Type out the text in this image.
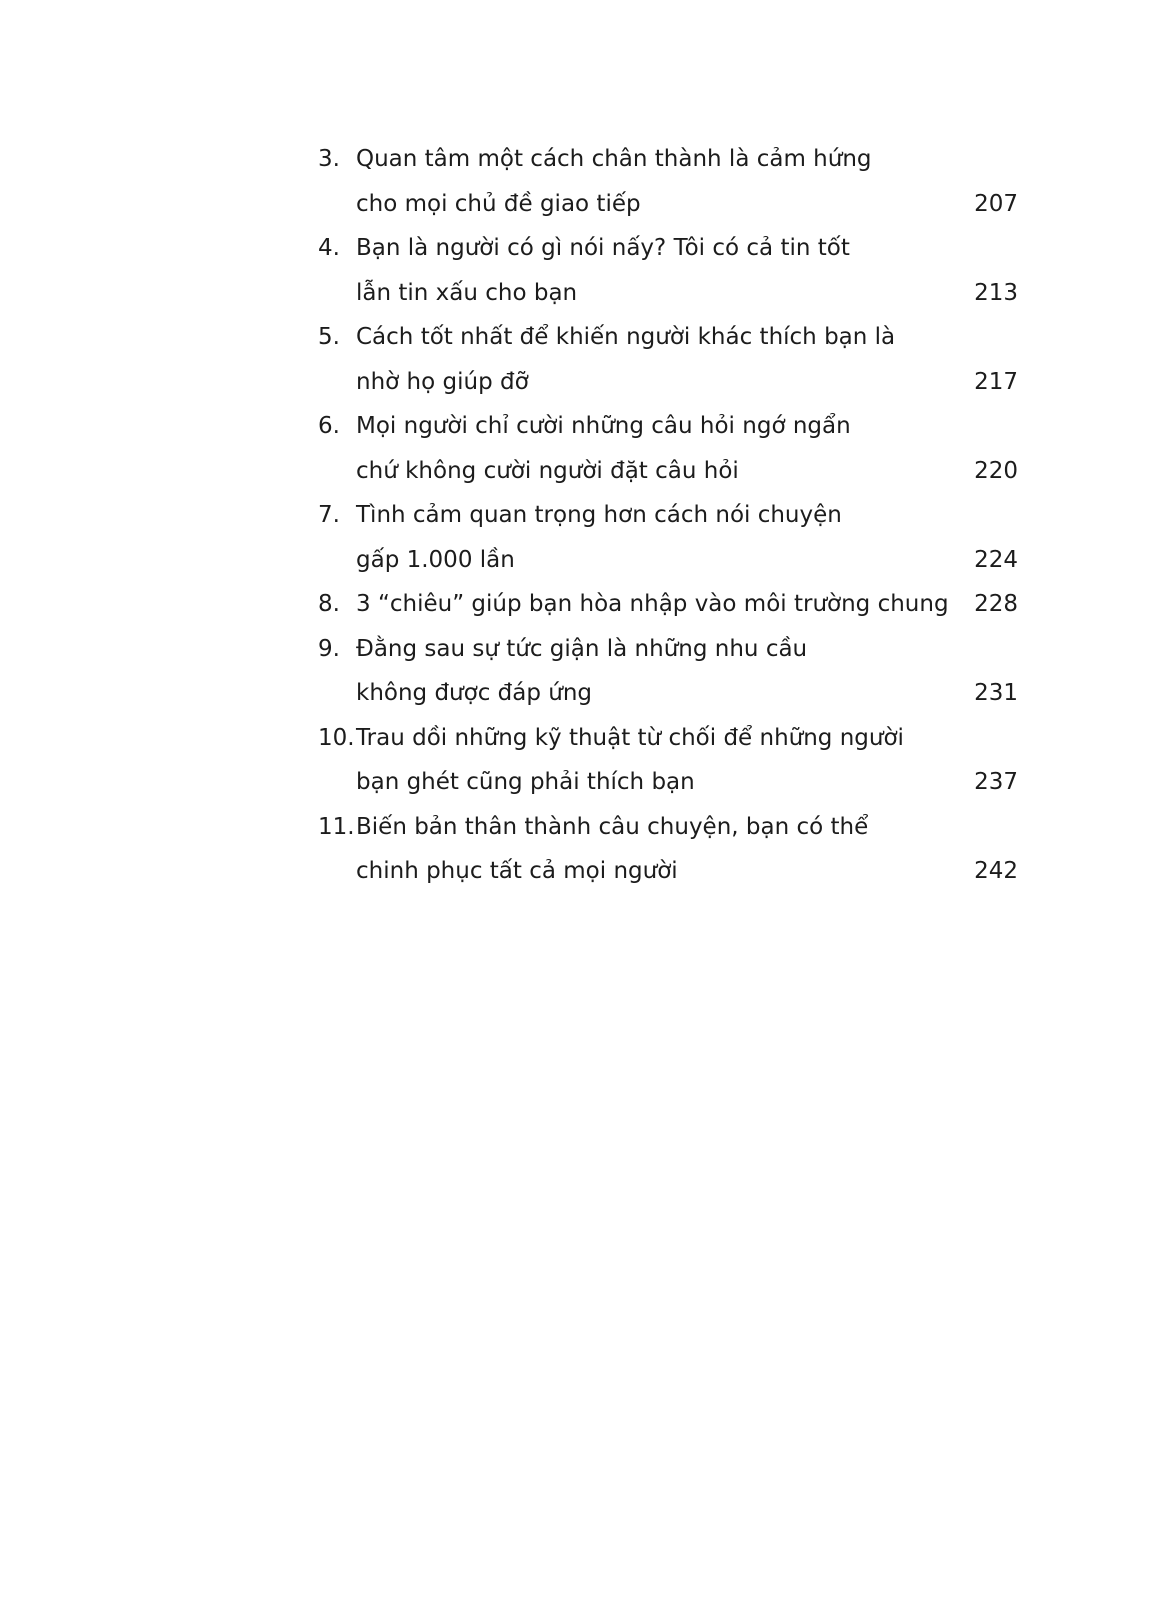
3. Quan tâm một cách chân thành là cảm hứng
cho mọi chủ đề giao tiếp	207
4. Bạn là người có gì nói nấy? Tôi có cả tin tốt
lẫn tin xấu cho bạn	213
5. Cách tốt nhất để khiến người khác thích bạn là
nhờ họ giúp đỡ	217
6. Mọi người chỉ cười những câu hỏi ngớ ngẩn
chứ không cười người đặt câu hỏi	220
7. Tình cảm quan trọng hơn cách nói chuyện
gấp 1.000 lần	224
8. 3 “chiêu” giúp bạn hòa nhập vào môi trường chung	228
9. Đằng sau sự tức giận là những nhu cầu
không được đáp ứng	231
10. Trau dồi những kỹ thuật từ chối để những người
bạn ghét cũng phải thích bạn	237
11. Biến bản thân thành câu chuyện, bạn có thể
chinh phục tất cả mọi người	242
